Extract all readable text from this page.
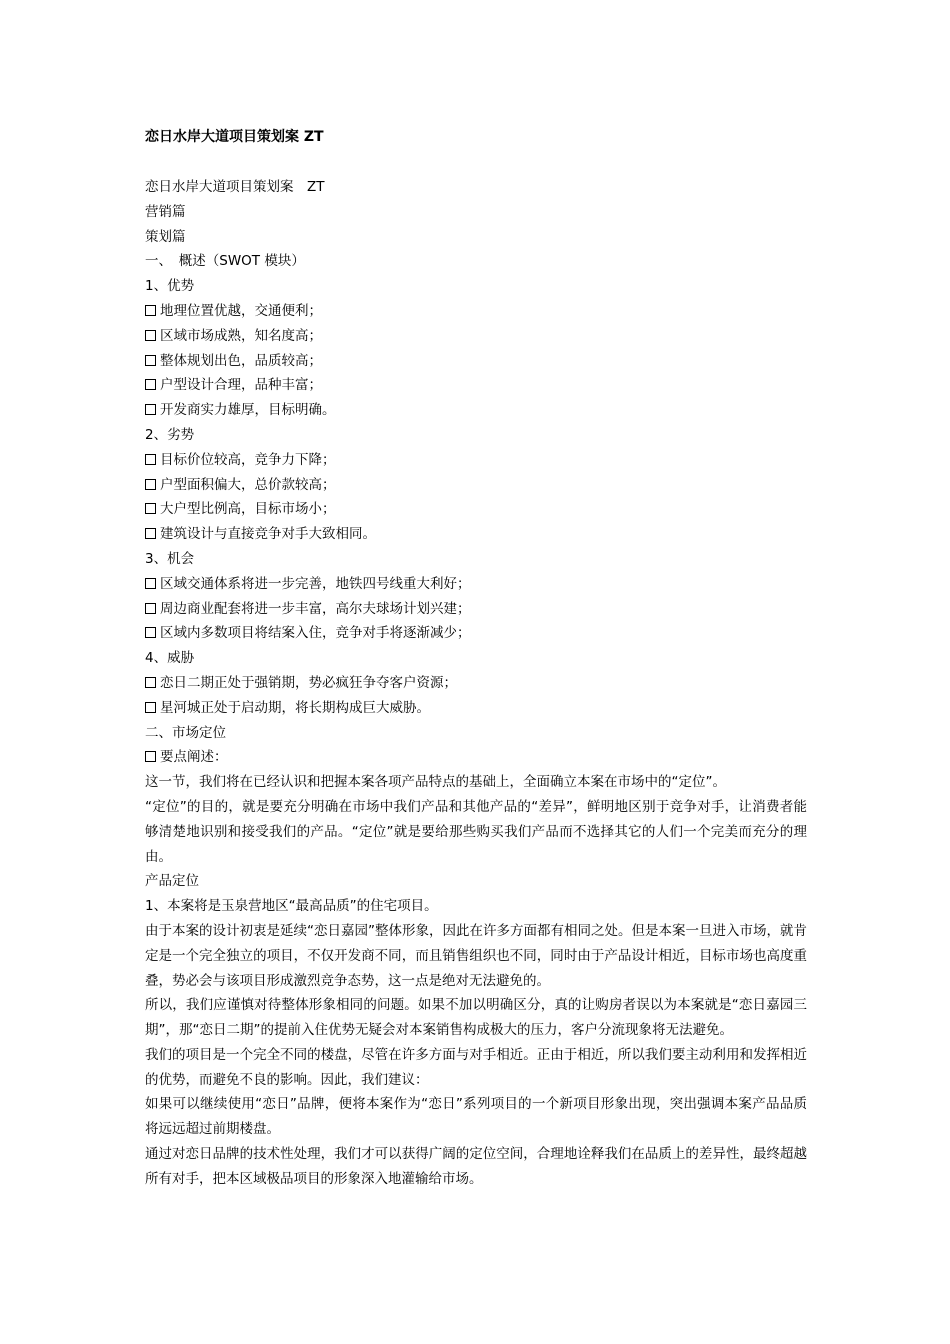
恋日水岸大道项目策划案 ZT
恋日水岸大道项目策划案　ZT
营销篇
策划篇
一、　概述（SWOT 模块）
1、优势
地理位置优越，交通便利；
区域市场成熟，知名度高；
整体规划出色，品质较高；
户型设计合理，品种丰富；
开发商实力雄厚，目标明确。
2、劣势
目标价位较高，竞争力下降；
户型面积偏大，总价款较高；
大户型比例高，目标市场小；
建筑设计与直接竞争对手大致相同。
3、机会
区域交通体系将进一步完善，地铁四号线重大利好；
周边商业配套将进一步丰富，高尔夫球场计划兴建；
区域内多数项目将结案入住，竞争对手将逐渐减少；
4、威胁
恋日二期正处于强销期，势必疯狂争夺客户资源；
星河城正处于启动期，将长期构成巨大威胁。
二、市场定位
要点阐述：
这一节，我们将在已经认识和把握本案各项产品特点的基础上，全面确立本案在市场中的“定位”。
“定位”的目的，就是要充分明确在市场中我们产品和其他产品的“差异”，鲜明地区别于竞争对手，让消费者能够清楚地识别和接受我们的产品。“定位”就是要给那些购买我们产品而不选择其它的人们一个完美而充分的理由。
产品定位
1、本案将是玉泉营地区“最高品质”的住宅项目。
由于本案的设计初衷是延续“恋日嘉园”整体形象，因此在许多方面都有相同之处。但是本案一旦进入市场，就肯定是一个完全独立的项目，不仅开发商不同，而且销售组织也不同，同时由于产品设计相近，目标市场也高度重叠，势必会与该项目形成激烈竞争态势，这一点是绝对无法避免的。
所以，我们应谨慎对待整体形象相同的问题。如果不加以明确区分，真的让购房者误以为本案就是“恋日嘉园三期”，那“恋日二期”的提前入住优势无疑会对本案销售构成极大的压力，客户分流现象将无法避免。
我们的项目是一个完全不同的楼盘，尽管在许多方面与对手相近。正由于相近，所以我们要主动利用和发挥相近的优势，而避免不良的影响。因此，我们建议：
如果可以继续使用“恋日”品牌，便将本案作为“恋日”系列项目的一个新项目形象出现，突出强调本案产品品质将远远超过前期楼盘。
通过对恋日品牌的技术性处理，我们才可以获得广阔的定位空间，合理地诠释我们在品质上的差异性，最终超越所有对手，把本区域极品项目的形象深入地灌输给市场。
